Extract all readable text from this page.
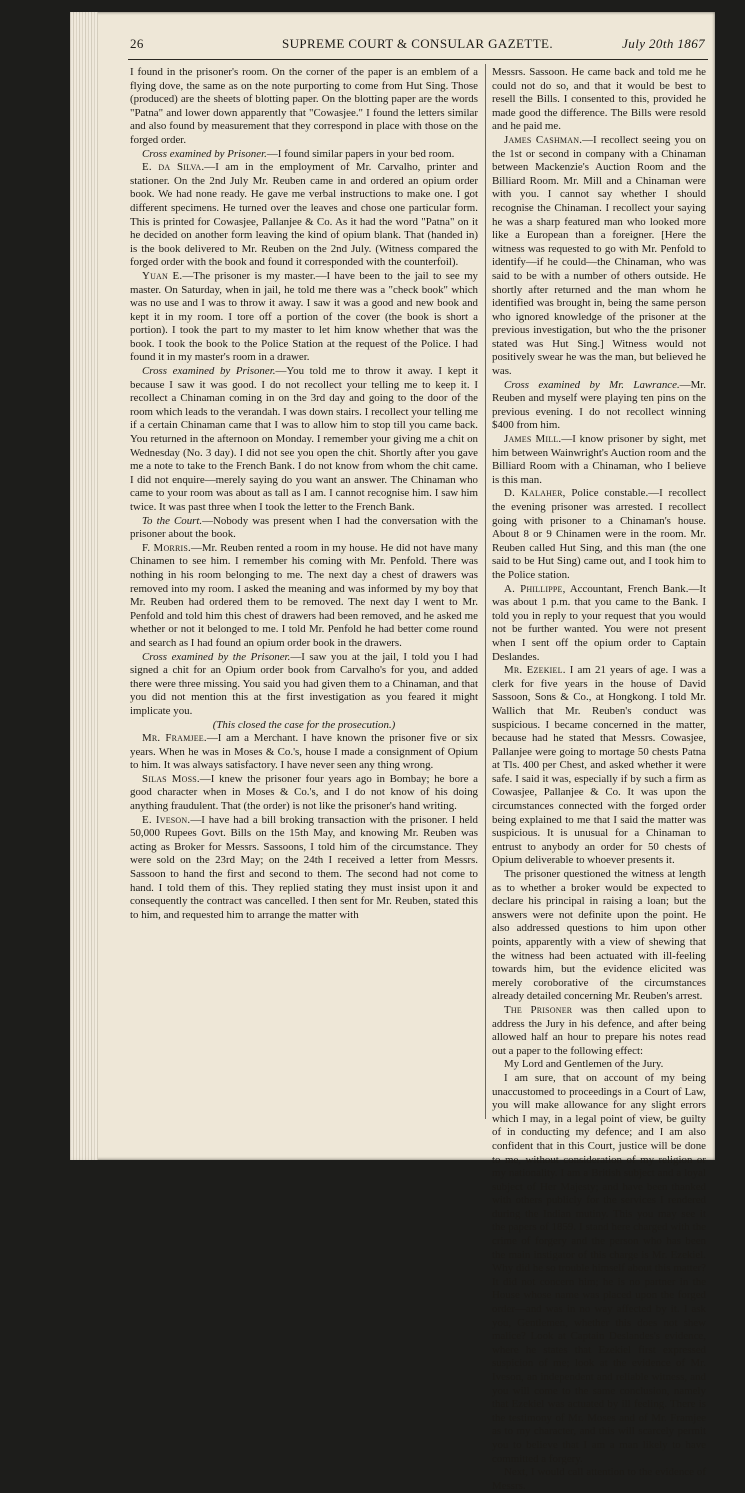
SUPREME COURT & CONSULAR GAZETTE.
26	July 20th 1867

I found in the prisoner's room. On the corner of the paper is an emblem of a flying dove, the same as on the note purporting to come from Hut Sing. Those (produced) are the sheets of blotting paper. On the blotting paper are the words "Patna" and lower down apparently that "Cowasjee." I found the letters similar and also found by measurement that they correspond in place with those on the forged order.

Cross examined by Prisoner.—I found similar papers in your bed room.

E. da Silva.—I am in the employment of Mr. Carvalho, printer and stationer. On the 2nd July Mr. Reuben came in and ordered an opium order book. We had none ready. He gave me verbal instructions to make one. I got different specimens. He turned over the leaves and chose one particular form. This is printed for Cowasjee, Pallanjee & Co. As it had the word "Patna" on it he decided on another form leaving the kind of opium blank. That (handed in) is the book delivered to Mr. Reuben on the 2nd July. (Witness compared the forged order with the book and found it corresponded with the counterfoil).

Yuan E.—The prisoner is my master.—I have been to the jail to see my master. On Saturday, when in jail, he told me there was a "check book" which was no use and I was to throw it away. I saw it was a good and new book and kept it in my room. I tore off a portion of the cover (the book is short a portion). I took the part to my master to let him know whether that was the book. I took the book to the Police Station at the request of the Police. I had found it in my master's room in a drawer.

Cross examined by Prisoner.—You told me to throw it away. I kept it because I saw it was good. I do not recollect your telling me to keep it. I recollect a Chinaman coming in on the 3rd day and going to the door of the room which leads to the verandah. I was down stairs. I recollect your telling me if a certain Chinaman came that I was to allow him to stop till you came back. You returned in the afternoon on Monday. I remember your giving me a chit on Wednesday (No. 3 day). I did not see you open the chit. Shortly after you gave me a note to take to the French Bank. I do not know from whom the chit came. I did not enquire—merely saying do you want an answer. The Chinaman who came to your room was about as tall as I am. I cannot recognise him. I saw him twice. It was past three when I took the letter to the French Bank.

To the Court.—Nobody was present when I had the conversation with the prisoner about the book.

F. Morris.—Mr. Reuben rented a room in my house. He did not have many Chinamen to see him. I remember his coming with Mr. Penfold. There was nothing in his room belonging to me. The next day a chest of drawers was removed into my room. I asked the meaning and was informed by my boy that Mr. Reuben had ordered them to be removed. The next day I went to Mr. Penfold and told him this chest of drawers had been removed, and he asked me whether or not it belonged to me. I told Mr. Penfold he had better come round and search as I had found an opium order book in the drawers.

Cross examined by the Prisoner.—I saw you at the jail, I told you I had signed a chit for an Opium order book from Carvalho's for you, and added there were three missing. You said you had given them to a Chinaman, and that you did not mention this at the first investigation as you feared it might implicate you.

(This closed the case for the prosecution.)

Mr. Framjee.—I am a Merchant. I have known the prisoner five or six years. When he was in Moses & Co.'s, house I made a consignment of Opium to him. It was always satisfactory. I have never seen any thing wrong.

Silas Moss.—I knew the prisoner four years ago in Bombay; he bore a good character when in Moses & Co.'s, and I do not know of his doing anything fraudulent. That (the order) is not like the prisoner's hand writing.

E. Iveson.—I have had a bill broking transaction with the prisoner. I held 50,000 Rupees Govt. Bills on the 15th May, and knowing Mr. Reuben was acting as Broker for Messrs. Sassoons, I told him of the circumstance. They were sold on the 23rd May; on the 24th I received a letter from Messrs. Sassoon to hand the first and second to them. The second had not come to hand. I told them of this. They replied stating they must insist upon it and consequently the contract was cancelled. I then sent for Mr. Reuben, stated this to him, and requested him to arrange the matter with

Messrs. Sassoon. He came back and told me he could not do so, and that it would be best to resell the Bills. I consented to this, provided he made good the difference. The Bills were resold and he paid me.

James Cashman.—I recollect seeing you on the 1st or second in company with a Chinaman between Mackenzie's Auction Room and the Billiard Room. Mr. Mill and a Chinaman were with you. I cannot say whether I should recognise the Chinaman. I recollect your saying he was a sharp featured man who looked more like a European than a foreigner. [Here the witness was requested to go with Mr. Penfold to identify—if he could—the Chinaman, who was said to be with a number of others outside. He shortly after returned and the man whom he identified was brought in, being the same person who ignored knowledge of the prisoner at the previous investigation, but who the the prisoner stated was Hut Sing.] Witness would not positively swear he was the man, but believed he was.

Cross examined by Mr. Lawrance.—Mr. Reuben and myself were playing ten pins on the previous evening. I do not recollect winning $400 from him.

James Mill.—I know prisoner by sight, met him between Wainwright's Auction room and the Billiard Room with a Chinaman, who I believe is this man.

D. Kalaher, Police constable.—I recollect the evening prisoner was arrested. I recollect going with prisoner to a Chinaman's house. About 8 or 9 Chinamen were in the room. Mr. Reuben called Hut Sing, and this man (the one said to be Hut Sing) came out, and I took him to the Police station.

A. Phillippe, Accountant, French Bank.—It was about 1 p.m. that you came to the Bank. I told you in reply to your request that you would not be further wanted. You were not present when I sent off the opium order to Captain Deslandes.

Mr. Ezekiel. I am 21 years of age. I was a clerk for five years in the house of David Sassoon, Sons & Co., at Hongkong. I told Mr. Wallich that Mr. Reuben's conduct was suspicious. I became concerned in the matter, because had he stated that Messrs. Cowasjee, Pallanjee were going to mortage 50 chests Patna at Tls. 400 per Chest, and asked whether it were safe. I said it was, especially if by such a firm as Cowasjee, Pallanjee & Co. It was upon the circumstances connected with the forged order being explained to me that I said the matter was suspicious. It is unusual for a Chinaman to entrust to anybody an order for 50 chests of Opium deliverable to whoever presents it.

The prisoner questioned the witness at length as to whether a broker would be expected to declare his principal in raising a loan; but the answers were not definite upon the point. He also addressed questions to him upon other points, apparently with a view of shewing that the witness had been actuated with ill-feeling towards him, but the evidence elicited was merely coroborative of the circumstances already detailed concerning Mr. Reuben's arrest.

The Prisoner was then called upon to address the Jury in his defence, and after being allowed half an hour to prepare his notes read out a paper to the following effect:

My Lord and Gentlemen of the Jury.

I am sure, that on account of my being unaccustomed to proceedings in a Court of Law, you will make allowance for any slight errors which I may, in a legal point of view, be guilty of in conducting my defence; and I am also confident that in this Court, justice will be done to me, without consideration of my religion or my nationality. I am a British subject and a loyal subject of Her Majesty; and have been thanked with others publicly for the services I rendered during the Indian mutiny. This you may see it the papers of 1859. I stand here charged with the crime of forgery and the person who has been the main instigator of this charge is Mr. Ezekiel. Why did he so trouble himself about this matter? It did not concern him; he is no partner in the House whose name was placed upon the forged order—and was in no way affected by it. I ask you, Gentlemen, whether this does not shew malice? Look at Captain Deslandes's evidence, where he states that Ezekiel first expressed suspicion of me; look at the evidence of Mr. Iveson, an independent and reliable witness, and you will come to the same conclusion, namely that Ezekiel was actuated by ill feeling. There is the testimony of Mr. Moses and of Mr. Framjee as to my character, and this will scarcely permit you to believe that I am a man likely to have committed a forgery.

Next, I would call attention to the evidence of Messrs.
